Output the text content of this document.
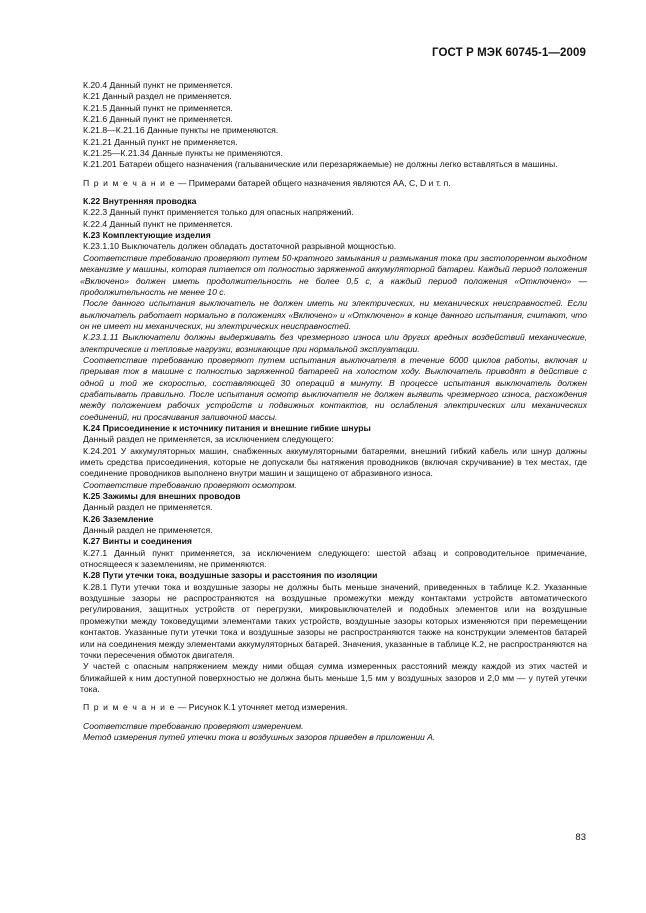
ГОСТ Р МЭК 60745-1—2009

К.20.4 Данный пункт не применяется.

К.21 Данный раздел не применяется.

К.21.5 Данный пункт не применяется.

К.21.6 Данный пункт не применяется.

К.21.8—К.21.16 Данные пункты не применяются.

К.21.21 Данный пункт не применяется.

К.21.25—К.21.34 Данные пункты не применяются.

К.21.201 Батареи общего назначения (гальванические или перезаряжаемые) не должны легко вставляться в машины.

П р и м е ч а н и е — Примерами батарей общего назначения являются AA, C, D и т. п.

К.22 Внутренняя проводка

К.22.3 Данный пункт применяется только для опасных напряжений.

К.22.4 Данный пункт не применяется.

К.23 Комплектующие изделия

К.23.1.10 Выключатель должен обладать достаточной разрывной мощностью.

Соответствие требованию проверяют путем 50-кратного замыкания и размыкания тока при застопоренном выходном механизме у машины, которая питается от полностью заряженной аккумуляторной батареи. Каждый период положения «Включено» должен иметь продолжительность не более 0,5 с, а каждый период положения «Отключено» — продолжительность не менее 10 с.

После данного испытания выключатель не должен иметь ни электрических, ни механических неисправностей. Если выключатель работает нормально в положениях «Включено» и «Отключено» в конце данного испытания, считают, что он не имеет ни механических, ни электрических неисправностей.

К.23.1.11 Выключатели должны выдерживать без чрезмерного износа или других вредных воздействий механические, электрические и тепловые нагрузки, возникающие при нормальной эксплуатации.

Соответствие требованию проверяют путем испытания выключателя в течение 6000 циклов работы, включая и прерывая ток в машине с полностью заряженной батареей на холостом ходу. Выключатель приводят в действие с одной и той же скоростью, составляющей 30 операций в минуту. В процессе испытания выключатель должен срабатывать правильно. После испытания осмотр выключателя не должен выявить чрезмерного износа, расхождения между положением рабочих устройств и подвижных контактов, ни ослабления электрических или механических соединений, ни просачивания заливочной массы.

К.24 Присоединение к источнику питания и внешние гибкие шнуры

Данный раздел не применяется, за исключением следующего:

К.24.201 У аккумуляторных машин, снабженных аккумуляторными батареями, внешний гибкий кабель или шнур должны иметь средства присоединения, которые не допускали бы натяжения проводников (включая скручивание) в тех местах, где соединение проводников выполнено внутри машин и защищено от абразивного износа.

Соответствие требованию проверяют осмотром.

К.25 Зажимы для внешних проводов

Данный раздел не применяется.

К.26 Заземление

Данный раздел не применяется.

К.27 Винты и соединения

К.27.1 Данный пункт применяется, за исключением следующего: шестой абзац и сопроводительное примечание, относящееся к заземлениям, не применяются.

К.28 Пути утечки тока, воздушные зазоры и расстояния по изоляции

К.28.1 Пути утечки тока и воздушные зазоры не должны быть меньше значений, приведенных в таблице К.2. Указанные воздушные зазоры не распространяются на воздушные промежутки между контактами устройств автоматического регулирования, защитных устройств от перегрузки, микровыключателей и подобных элементов или на воздушные промежутки между токоведущими элементами таких устройств, воздушные зазоры которых изменяются при перемещении контактов. Указанные пути утечки тока и воздушные зазоры не распространяются также на конструкции элементов батарей или на соединения между элементами аккумуляторных батарей. Значения, указанные в таблице К.2, не распространяются на точки пересечения обмоток двигателя.

У частей с опасным напряжением между ними общая сумма измеренных расстояний между каждой из этих частей и ближайшей к ним доступной поверхностью не должна быть меньше 1,5 мм у воздушных зазоров и 2,0 мм — у путей утечки тока.

П р и м е ч а н и е — Рисунок К.1 уточняет метод измерения.

Соответствие требованию проверяют измерением.

Метод измерения путей утечки тока и воздушных зазоров приведен в приложении А.

83
